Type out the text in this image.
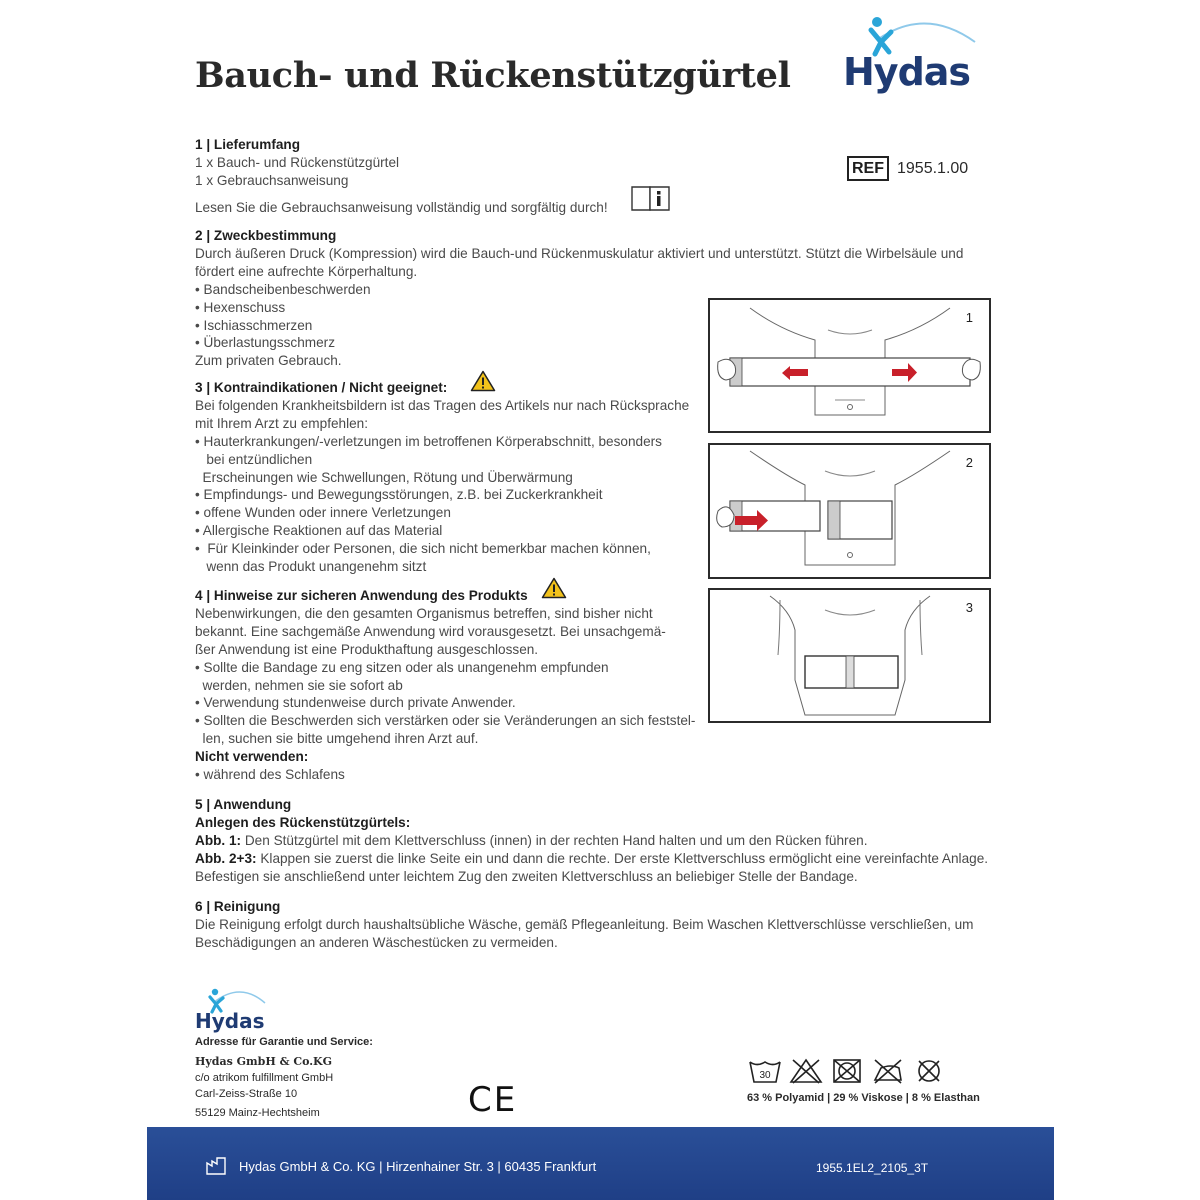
Bauch- und Rückenstützgürtel Hydas
REF 1955.1.00
1 | Lieferumfang
1 x Bauch- und Rückenstützgürtel
1 x Gebrauchsanweisung
Lesen Sie die Gebrauchsanweisung vollständig und sorgfältig durch!
2 | Zweckbestimmung
Durch äußeren Druck (Kompression) wird die Bauch-und Rückenmuskulatur aktiviert und unterstützt. Stützt die Wirbelsäule und
fördert eine aufrechte Körperhaltung.
• Bandscheibenbeschwerden
• Hexenschuss
• Ischiasschmerzen
• Überlastungsschmerz
Zum privaten Gebrauch.
3 | Kontraindikationen / Nicht geeignet:
Bei folgenden Krankheitsbildern ist das Tragen des Artikels nur nach Rücksprache
mit Ihrem Arzt zu empfehlen:
• Hauterkrankungen/-verletzungen im betroffenen Körperabschnitt, besonders
bei entzündlichen
Erscheinungen wie Schwellungen, Rötung und Überwärmung
• Empfindungs- und Bewegungsstörungen, z.B. bei Zuckerkrankheit
• offene Wunden oder innere Verletzungen
• Allergische Reaktionen auf das Material
•  Für Kleinkinder oder Personen, die sich nicht bemerkbar machen können,
wenn das Produkt unangenehm sitzt
4 | Hinweise zur sicheren Anwendung des Produkts
Nebenwirkungen, die den gesamten Organismus betreffen, sind bisher nicht
bekannt. Eine sachgemäße Anwendung wird vorausgesetzt. Bei unsachgemä-
ßer Anwendung ist eine Produkthaftung ausgeschlossen.
• Sollte die Bandage zu eng sitzen oder als unangenehm empfunden
werden, nehmen sie sie sofort ab
• Verwendung stundenweise durch private Anwender.
• Sollten die Beschwerden sich verstärken oder sie Veränderungen an sich feststel-
len, suchen sie bitte umgehend ihren Arzt auf.
Nicht verwenden:
• während des Schlafens
5 | Anwendung
Anlegen des Rückenstützgürtels:
Abb. 1: Den Stützgürtel mit dem Klettverschluss (innen) in der rechten Hand halten und um den Rücken führen.
Abb. 2+3: Klappen sie zuerst die linke Seite ein und dann die rechte. Der erste Klettverschluss ermöglicht eine vereinfachte Anlage.
Befestigen sie anschließend unter leichtem Zug den zweiten Klettverschluss an beliebiger Stelle der Bandage.
6 | Reinigung
Die Reinigung erfolgt durch haushaltsübliche Wäsche, gemäß Pflegeanleitung. Beim Waschen Klettverschlüsse verschließen, um
Beschädigungen an anderen Wäschestücken zu vermeiden.
1
2
3
Hydas
Adresse für Garantie und Service:
Hydas GmbH & Co.KG
c/o atrikom fulfillment GmbH
Carl-Zeiss-Straße 10
55129 Mainz-Hechtsheim	CE
30
63 % Polyamid | 29 % Viskose | 8 % Elasthan
Hydas GmbH & Co. KG | Hirzenhainer Str. 3 | 60435 Frankfurt	1955.1EL2_2105_3T
